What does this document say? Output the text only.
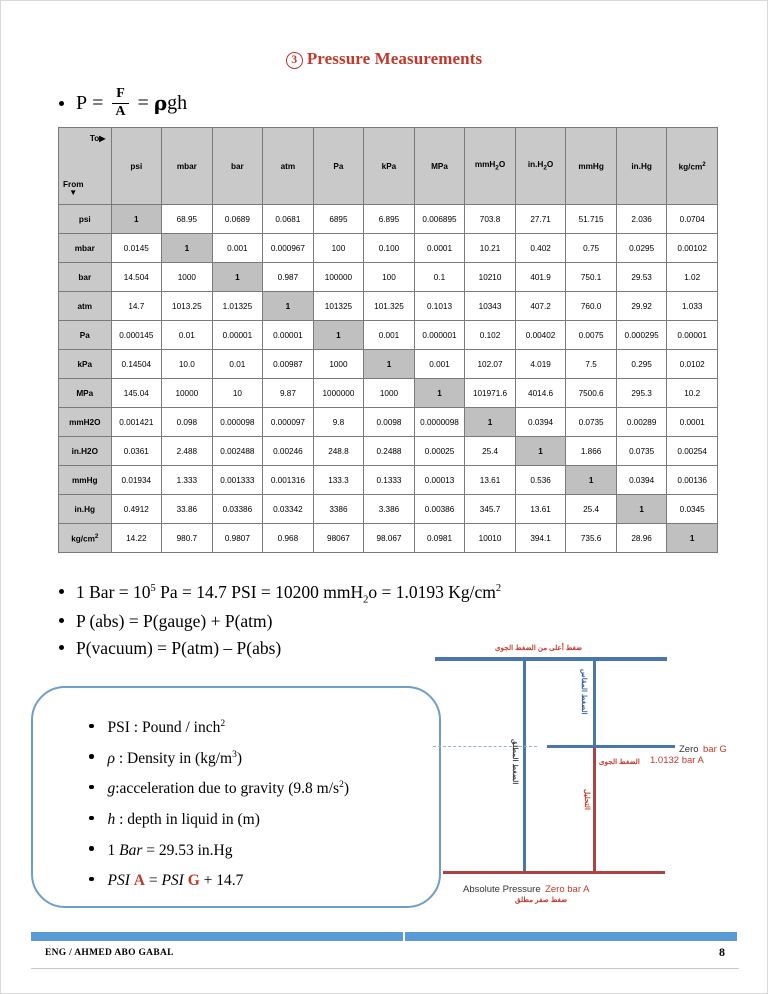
3 Pressure Measurements
$P = \frac{F}{A} = \rho$ gh
To▶
From
▼	psi	mbar	bar	atm	Pa	kPa	MPa	mmH$_2$O	$in.H_2O$	mmHg	in.Hg	$kg/cm^2$
psi	1	68.95	0.0689	0.0681	6895	6.895	0.006895	703.8	27.71	51.715	2.036	0.0704
mbar	0.0145	1	0.001	0.000967	100	0.100	0.0001	10.21	0.402	0.75	0.0295	0.00102
bar	14.504	1000	1	0.987	100000	100	0.1	10210	401.9	750.1	29.53	1.02
atm	14.7	1013.25	1.01325	1	101325	101.325	0.1013	10343	407.2	760.0	29.92	1.033
Pa	0.000145	0.01	0.00001	0.00001	1	0.001	0.000001	0.102	0.00402	0.0075	0.000295	0.00001
kPa	0.14504	10.0	0.01	0.00987	1000	1	0.001	102.07	4.019	7.5	0.295	0.0102
MPa	145.04	10000	10	9.87	1000000	1000	1	101971.6	4014.6	7500.6	295.3	10.2
mmH2O	0.001421	0.098	0.000098	0.000097	9.8	0.0098	0.0000098	1	0.0394	0.0735	0.00289	0.0001
in.H2O	0.0361	2.488	0.002488	0.00246	248.8	0.2488	0.00025	25.4	1	1.866	0.0735	0.00254
mmHg	0.01934	1.333	0.001333	0.001316	133.3	0.1333	0.00013	13.61	0.536	1	0.0394	0.00136
in.Hg	0.4912	33.86	0.03386	0.03342	3386	3.386	0.00386	345.7	13.61	25.4	1	0.0345
$kg/cm^2$	14.22	980.7	0.9807	0.968	98067	98.067	0.0981	10010	394.1	735.6	28.96	1
1 Bar = $10^5$ Pa = 14.7 PSI = 10200 mmH$_2$o = 1.0193 $Kg/cm^2$
P (abs) = P(gauge) + P(atm)
P(vacuum) = P(atm) – P(abs)
PSI : Pound / inch$^2$
ρ : Density in $(kg/m^3)$
g:acceleration due to gravity (9.8 $m/s^2$)
h : depth in liquid in (m)
1 Bar = 29.53 in.Hg
PSI A = PSI G + 14.7
ضغط أعلى من الضغط الجوى
الضغط المقاس
الضغط المطلق
التحليل
Zero bar G
1.0132 bar A
الضغط الجوى
Absolute Pressure Zero bar A
ضغط صفر مطلق
ENG / AHMED ABO GABAL	8
